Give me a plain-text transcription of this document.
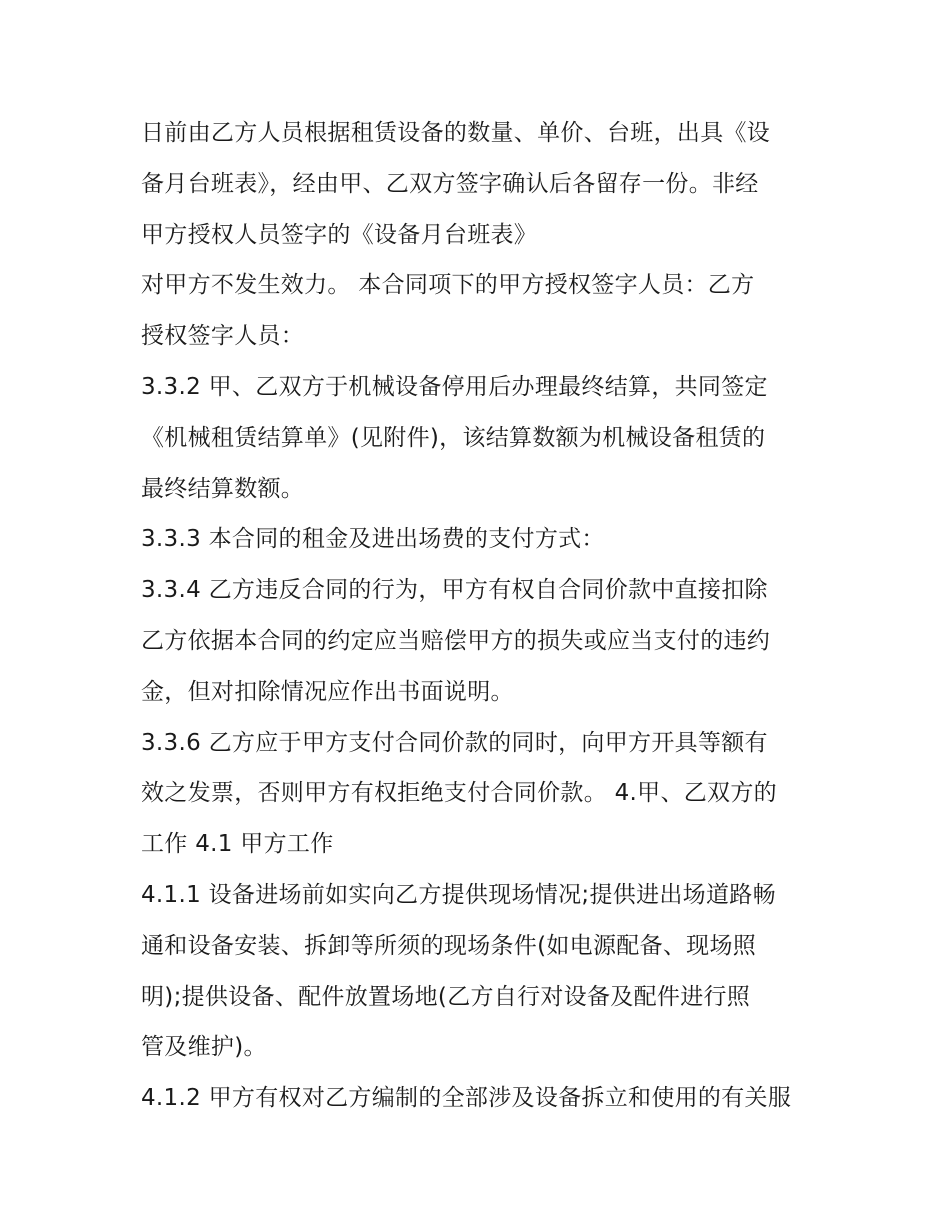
日前由乙方人员根据租赁设备的数量、单价、台班，出具《设
备月台班表》，经由甲、乙双方签字确认后各留存一份。非经
甲方授权人员签字的《设备月台班表》
对甲方不发生效力。 本合同项下的甲方授权签字人员：乙方
授权签字人员：
3.3.2 甲、乙双方于机械设备停用后办理最终结算，共同签定
《机械租赁结算单》(见附件)，该结算数额为机械设备租赁的
最终结算数额。
3.3.3 本合同的租金及进出场费的支付方式：
3.3.4 乙方违反合同的行为，甲方有权自合同价款中直接扣除
乙方依据本合同的约定应当赔偿甲方的损失或应当支付的违约
金，但对扣除情况应作出书面说明。
3.3.6 乙方应于甲方支付合同价款的同时，向甲方开具等额有
效之发票，否则甲方有权拒绝支付合同价款。 4.甲、乙双方的
工作 4.1 甲方工作
4.1.1 设备进场前如实向乙方提供现场情况;提供进出场道路畅
通和设备安装、拆卸等所须的现场条件(如电源配备、现场照
明);提供设备、配件放置场地(乙方自行对设备及配件进行照
管及维护)。
4.1.2 甲方有权对乙方编制的全部涉及设备拆立和使用的有关服
